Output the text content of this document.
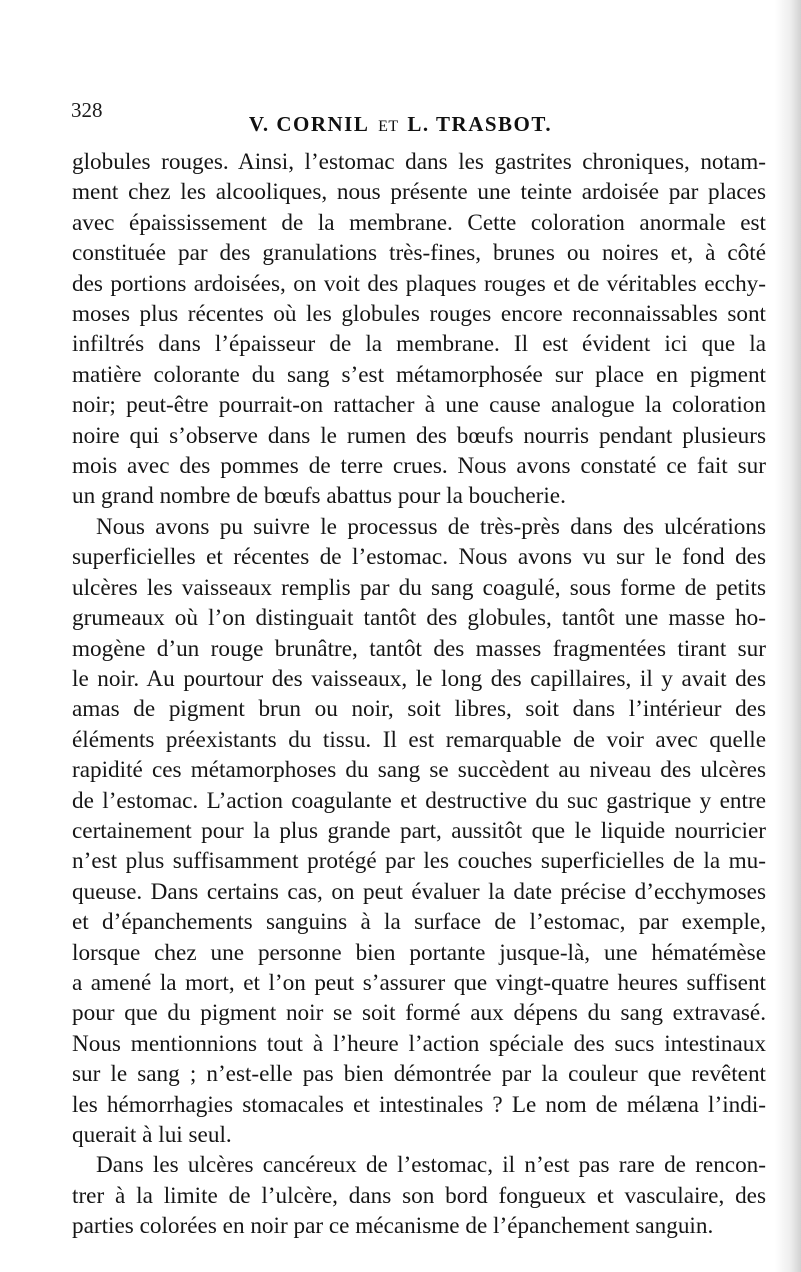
328
V. CORNIL ET L. TRASBOT.
globules rouges. Ainsi, l’estomac dans les gastrites chroniques, notam-
ment chez les alcooliques, nous présente une teinte ardoisée par places
avec épaississement de la membrane. Cette coloration anormale est
constituée par des granulations très-fines, brunes ou noires et, à côté
des portions ardoisées, on voit des plaques rouges et de véritables ecchy-
moses plus récentes où les globules rouges encore reconnaissables sont
infiltrés dans l’épaisseur de la membrane. Il est évident ici que la
matière colorante du sang s’est métamorphosée sur place en pigment
noir; peut-être pourrait-on rattacher à une cause analogue la coloration
noire qui s’observe dans le rumen des bœufs nourris pendant plusieurs
mois avec des pommes de terre crues. Nous avons constaté ce fait sur
un grand nombre de bœufs abattus pour la boucherie.
Nous avons pu suivre le processus de très-près dans des ulcérations
superficielles et récentes de l’estomac. Nous avons vu sur le fond des
ulcères les vaisseaux remplis par du sang coagulé, sous forme de petits
grumeaux où l’on distinguait tantôt des globules, tantôt une masse ho-
mogène d’un rouge brunâtre, tantôt des masses fragmentées tirant sur
le noir. Au pourtour des vaisseaux, le long des capillaires, il y avait des
amas de pigment brun ou noir, soit libres, soit dans l’intérieur des
éléments préexistants du tissu. Il est remarquable de voir avec quelle
rapidité ces métamorphoses du sang se succèdent au niveau des ulcères
de l’estomac. L’action coagulante et destructive du suc gastrique y entre
certainement pour la plus grande part, aussitôt que le liquide nourricier
n’est plus suffisamment protégé par les couches superficielles de la mu-
queuse. Dans certains cas, on peut évaluer la date précise d’ecchymoses
et d’épanchements sanguins à la surface de l’estomac, par exemple,
lorsque chez une personne bien portante jusque-là, une hématémèse
a amené la mort, et l’on peut s’assurer que vingt-quatre heures suffisent
pour que du pigment noir se soit formé aux dépens du sang extravasé.
Nous mentionnions tout à l’heure l’action spéciale des sucs intestinaux
sur le sang ; n’est-elle pas bien démontrée par la couleur que revêtent
les hémorrhagies stomacales et intestinales ? Le nom de mélæna l’indi-
querait à lui seul.
Dans les ulcères cancéreux de l’estomac, il n’est pas rare de rencon-
trer à la limite de l’ulcère, dans son bord fongueux et vasculaire, des
parties colorées en noir par ce mécanisme de l’épanchement sanguin.
